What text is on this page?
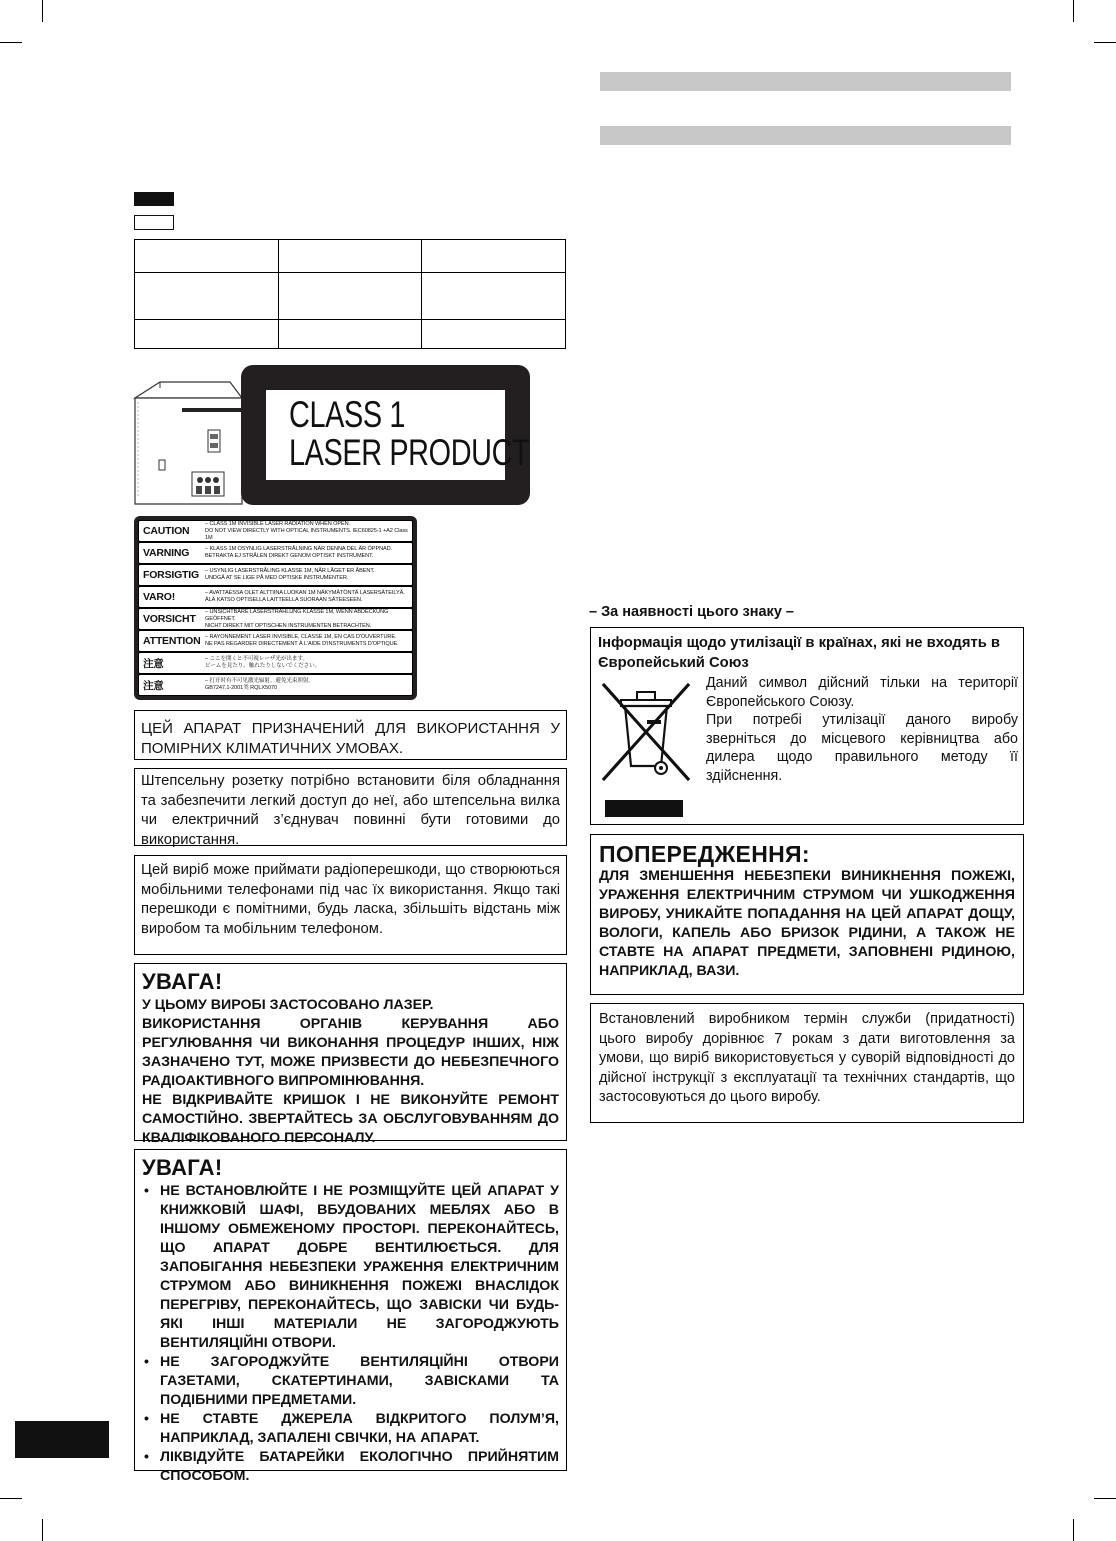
CLASS 1
LASER PRODUCT
CAUTION
– CLASS 1M INVISIBLE LASER RADIATION WHEN OPEN.
DO NOT VIEW DIRECTLY WITH OPTICAL INSTRUMENTS. IEC60825-1 +A2 Class 1M
VARNING	– KLASS 1M OSYNLIG LASERSTRÅLNING NÄR DENNA DEL ÄR ÖPPNAD.
BETRAKTA EJ STRÅLEN DIREKT GENOM OPTISKT INSTRUMENT.
FORSIGTIG	– USYNLIG LASERSTRÅLING KLASSE 1M, NÅR LÅGET ER ÅBENT.
UNDGÅ AT SE LIGE PÅ MED OPTISKE INSTRUMENTER.
VARO!	– AVATTAESSA OLET ALTTIINA LUOKAN 1M NÄKYMÄTÖNTÄ LASERSÄTEILYÄ.
ÄLÄ KATSO OPTISELLA LAITTEELLA SUORAAN SÄTEESEEN.
VORSICHT
– UNSICHTBARE LASERSTRAHLUNG KLASSE 1M, WENN ABDECKUNG GEÖFFNET.
NICHT DIREKT MIT OPTISCHEN INSTRUMENTEN BETRACHTEN.
ATTENTION – RAYONNEMENT LASER INVISIBLE, CLASSE 1M, EN CAS D'OUVERTURE.
NE PAS REGARDER DIRECTEMENT À L'AIDE D'INSTRUMENTS D'OPTIQUE.
注意	– ここを開くと不可視レーザ光が出ます。
ビームを見たり、触れたりしないでください。
注意	– 打开时有不可见激光辐射。避免光束照射。
GB7247.1-2001类 RQLX5070

ЦЕЙ АПАРАТ ПРИЗНАЧЕНИЙ ДЛЯ ВИКОРИСТАННЯ У ПОМІРНИХ КЛІМАТИЧНИХ УМОВАХ.

Штепсельну розетку потрібно встановити біля обладнання та забезпечити легкий доступ до неї, або штепсельна вилка чи електричний з’єднувач повинні бути готовими до використання.

Цей виріб може приймати радіоперешкоди, що створюються мобільними телефонами під час їх використання. Якщо такі перешкоди є помітними, будь ласка, збільшіть відстань між виробом та мобільним телефоном.

УВАГА!

У ЦЬОМУ ВИРОБІ ЗАСТОСОВАНО ЛАЗЕР.

ВИКОРИСТАННЯ ОРГАНІВ КЕРУВАННЯ АБО РЕГУЛЮВАННЯ ЧИ ВИКОНАННЯ ПРОЦЕДУР ІНШИХ, НІЖ ЗАЗНАЧЕНО ТУТ, МОЖЕ ПРИЗВЕСТИ ДО НЕБЕЗПЕЧНОГО РАДІОАКТИВНОГО ВИПРОМІНЮВАННЯ.

НЕ ВІДКРИВАЙТЕ КРИШОК І НЕ ВИКОНУЙТЕ РЕМОНТ САМОСТІЙНО. ЗВЕРТАЙТЕСЬ ЗА ОБСЛУГОВУВАННЯМ ДО КВАЛІФІКОВАНОГО ПЕРСОНАЛУ.

УВАГА!

• НЕ ВСТАНОВЛЮЙТЕ І НЕ РОЗМІЩУЙТЕ ЦЕЙ АПАРАТ У КНИЖКОВІЙ ШАФІ, ВБУДОВАНИХ МЕБЛЯХ АБО В ІНШОМУ ОБМЕЖЕНОМУ ПРОСТОРІ. ПЕРЕКОНАЙТЕСЬ, ЩО АПАРАТ ДОБРЕ ВЕНТИЛЮЄТЬСЯ. ДЛЯ ЗАПОБІГАННЯ НЕБЕЗПЕКИ УРАЖЕННЯ ЕЛЕКТРИЧНИМ СТРУМОМ АБО ВИНИКНЕННЯ ПОЖЕЖІ ВНАСЛІДОК ПЕРЕГРІВУ, ПЕРЕКОНАЙТЕСЬ, ЩО ЗАВІСКИ ЧИ БУДЬ-ЯКІ ІНШІ МАТЕРІАЛИ НЕ ЗАГОРОДЖУЮТЬ ВЕНТИЛЯЦІЙНІ ОТВОРИ.
• НЕ ЗАГОРОДЖУЙТЕ ВЕНТИЛЯЦІЙНІ ОТВОРИ ГАЗЕТАМИ, СКАТЕРТИНАМИ, ЗАВІСКАМИ ТА ПОДІБНИМИ ПРЕДМЕТАМИ.
• НЕ СТАВТЕ ДЖЕРЕЛА ВІДКРИТОГО ПОЛУМ’Я, НАПРИКЛАД, ЗАПАЛЕНІ СВІЧКИ, НА АПАРАТ.
• ЛІКВІДУЙТЕ БАТАРЕЙКИ ЕКОЛОГІЧНО ПРИЙНЯТИМ СПОСОБОМ.
– За наявності цього знаку –

Інформація щодо утилізації в країнах, які не входять в Європейський Союз

Даний символ дійсний тільки на території Європейського Союзу.

При потребі утилізації даного виробу зверніться до місцевого керівництва або дилера щодо правильного методу її здійснення.

ПОПЕРЕДЖЕННЯ:

ДЛЯ ЗМЕНШЕННЯ НЕБЕЗПЕКИ ВИНИКНЕННЯ ПОЖЕЖІ, УРАЖЕННЯ ЕЛЕКТРИЧНИМ СТРУМОМ ЧИ УШКОДЖЕННЯ ВИРОБУ, УНИКАЙТЕ ПОПАДАННЯ НА ЦЕЙ АПАРАТ ДОЩУ, ВОЛОГИ, КАПЕЛЬ АБО БРИЗОК РІДИНИ, А ТАКОЖ НЕ СТАВТЕ НА АПАРАТ ПРЕДМЕТИ, ЗАПОВНЕНІ РІДИНОЮ, НАПРИКЛАД, ВАЗИ.

Встановлений виробником термін служби (придатності) цього виробу дорівнює 7 рокам з дати виготовлення за умови, що виріб використовується у суворій відповідності до дійсної інструкції з експлуатації та технічних стандартів, що застосовуються до цього виробу.
